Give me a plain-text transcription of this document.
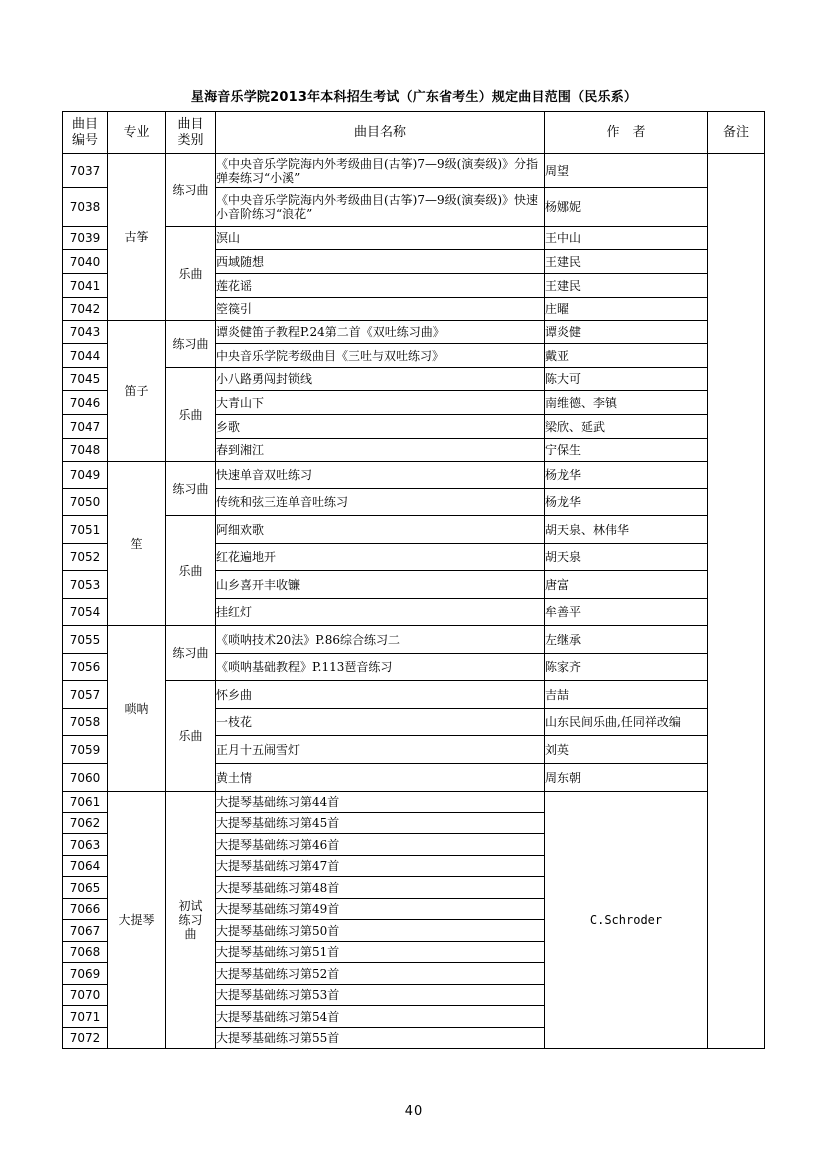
星海音乐学院2013年本科招生考试（广东省考生）规定曲目范围（民乐系）
曲目编号	专业	曲目类别	曲目名称	作　者	备注
7037	古筝	练习曲	《中央音乐学院海内外考级曲目(古筝)7—9级(演奏级)》分指弹奏练习“小溪”	周望	
7038			《中央音乐学院海内外考级曲目(古筝)7—9级(演奏级)》快速小音阶练习“浪花”	杨娜妮	
7039		乐曲	溟山	王中山	
7040			西域随想	王建民	
7041			莲花谣	王建民	
7042			箜篌引	庄曜	
7043	笛子	练习曲	谭炎健笛子教程P.24第二首《双吐练习曲》	谭炎健	
7044			中央音乐学院考级曲目《三吐与双吐练习》	戴亚	
7045		乐曲	小八路勇闯封锁线	陈大可	
7046			大青山下	南维德、李镇	
7047			乡歌	梁欣、延武	
7048			春到湘江	宁保生	
7049	笙	练习曲	快速单音双吐练习	杨龙华	
7050			传统和弦三连单音吐练习	杨龙华	
7051		乐曲	阿细欢歌	胡天泉、林伟华	
7052			红花遍地开	胡天泉	
7053			山乡喜开丰收镰	唐富	
7054			挂红灯	牟善平	
7055	唢呐	练习曲	《唢呐技术20法》P.86综合练习二	左继承	
7056			《唢呐基础教程》P.113琶音练习	陈家齐	
7057		乐曲	怀乡曲	吉喆	
7058			一枝花	山东民间乐曲,任同祥改编	
7059			正月十五闹雪灯	刘英	
7060			黄土情	周东朝	
7061	大提琴	初试练习曲	大提琴基础练习第44首	C.Schroder	
7062			大提琴基础练习第45首		
7063			大提琴基础练习第46首		
7064			大提琴基础练习第47首		
7065			大提琴基础练习第48首		
7066			大提琴基础练习第49首		
7067			大提琴基础练习第50首		
7068			大提琴基础练习第51首		
7069			大提琴基础练习第52首		
7070			大提琴基础练习第53首		
7071			大提琴基础练习第54首		
7072			大提琴基础练习第55首		
40
